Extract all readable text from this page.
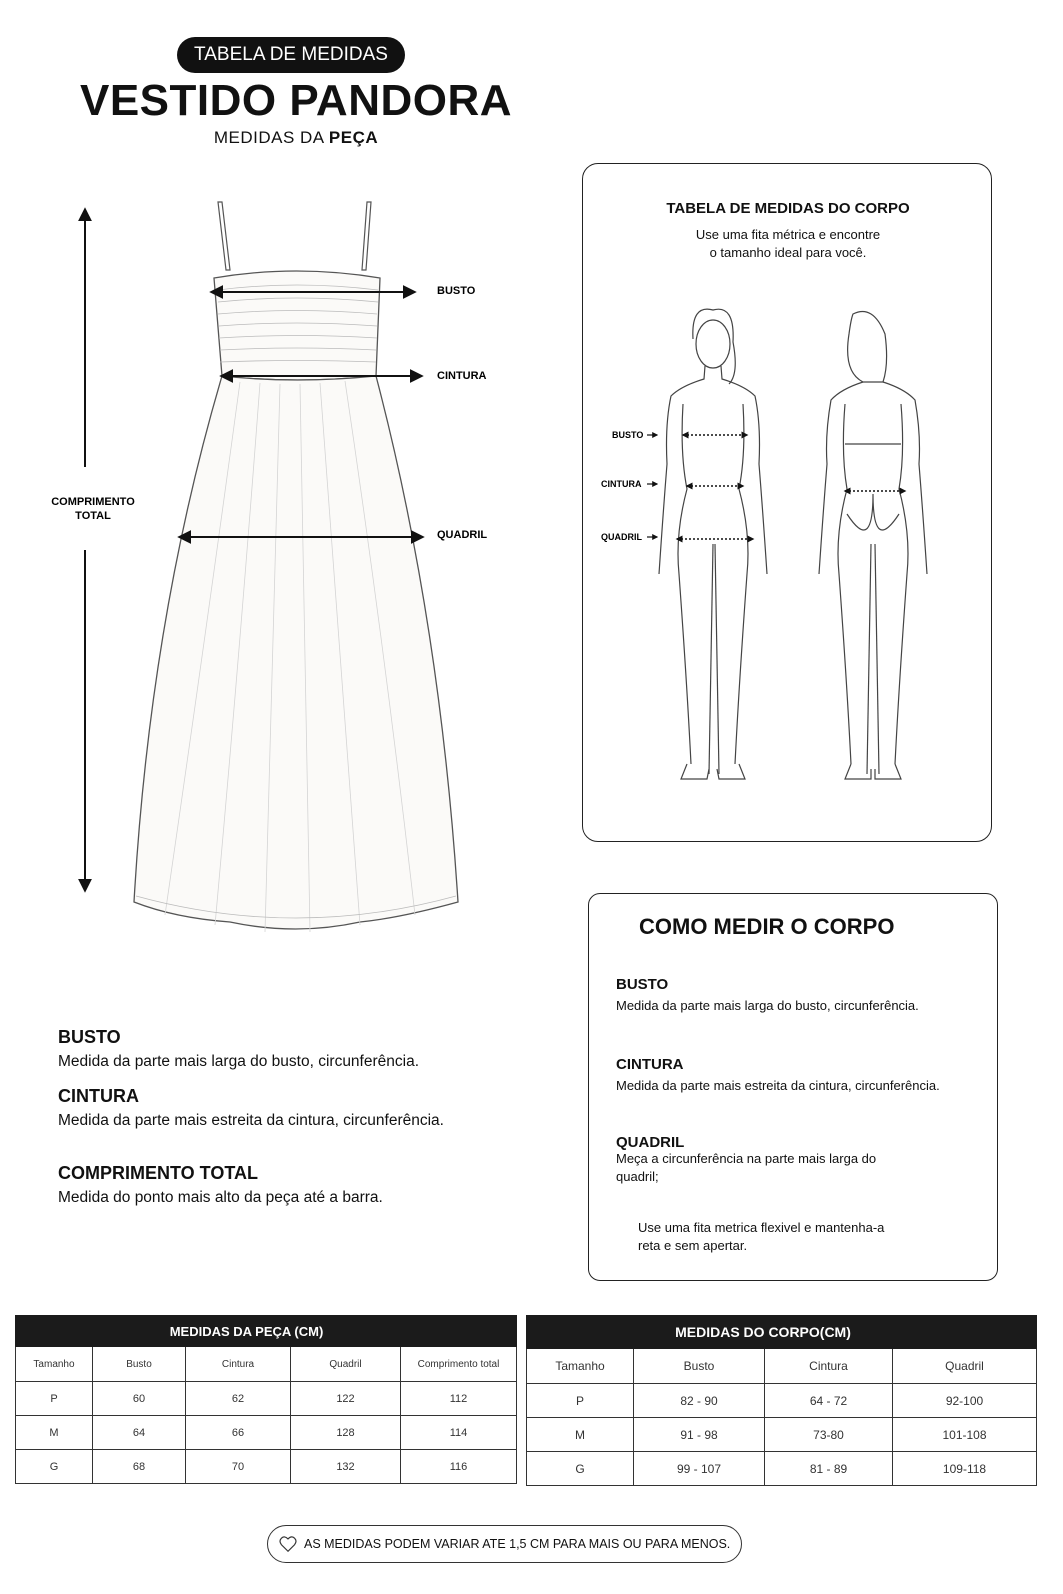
TABELA DE MEDIDAS
VESTIDO PANDORA
MEDIDAS DA PEÇA
COMPRIMENTO
TOTAL
BUSTO
CINTURA
QUADRIL
TABELA DE MEDIDAS DO CORPO
Use uma fita métrica e encontre
o tamanho ideal para você.
BUSTO
CINTURA
QUADRIL
COMO MEDIR O CORPO
BUSTO
Medida da parte mais larga do busto, circunferência.
CINTURA
Medida da parte mais estreita da cintura, circunferência.
QUADRIL
Meça a circunferência na parte mais larga do
quadril;
Use uma fita metrica flexivel e mantenha-a
reta e sem apertar.
BUSTO
Medida da parte mais larga do busto, circunferência.
CINTURA
Medida da parte mais estreita da cintura, circunferência.
COMPRIMENTO TOTAL
Medida do ponto mais alto da peça até a barra.
	MEDIDAS DA PEÇA (CM)			
Tamanho	Busto	Cintura	Quadril	Comprimento total
P	60	62	122	112
M	64	66	128	114
G	68	70	132	116
	MEDIDAS DO CORPO(CM)		
Tamanho	Busto	Cintura	Quadril
P	82 - 90	64 - 72	92-100
M	91 - 98	73-80	101-108
G	99 - 107	81 - 89	109-118
AS MEDIDAS PODEM VARIAR ATE 1,5 CM PARA MAIS OU PARA MENOS.
